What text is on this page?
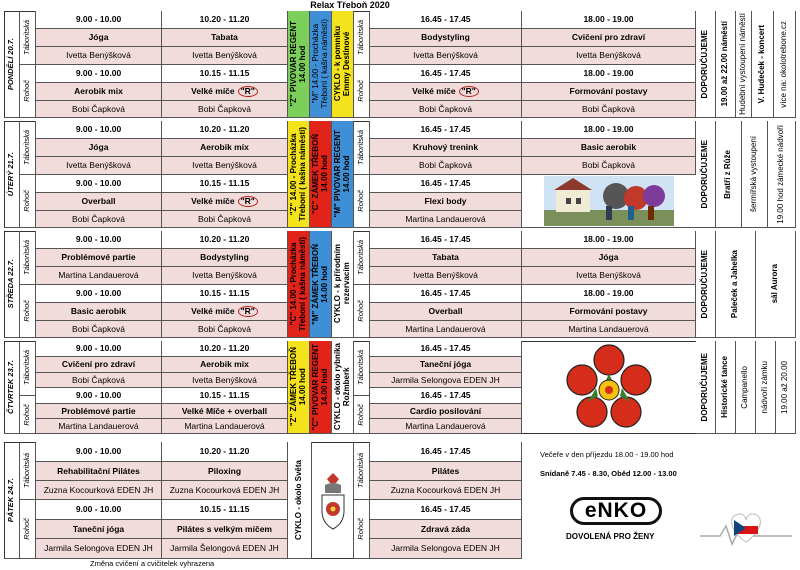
Relax Třeboň 2020
PONDĚLÍ 20.7.
Táboritská
Rohoč
9.00 - 10.00	10.20 - 11.20
Jóga	Tabata
Ivetta Benýšková	Ivetta Benýšková
9.00 - 10.00	10.15 - 11.15
Aerobik mix	Velké míče "R"
Bobi Čapková	Bobi Čapková
"Z" PIVOVAR REGENT 14.00 hod "M" 14.00 - Procházka Třeboní ( kašna náměstí) CYKLO - k pomníku Emmy Destinové Táboritská
Rohoč
16.45 - 17.45	18.00 - 19.00
Bodystyling	Cvičení pro zdraví
Ivetta Benýšková	Ivetta Benýšková
16.45 - 17.45	18.00 - 19.00
Velké míče "R"	Formování postavy
Bobi Čapková	Bobi Čapková
DOPORUČUJEME 19.00 až 22.00 náměstí Hudební vystoupení náměstí V. Hudeček - koncert více na: okolotrebone.cz
ÚTERÝ 21.7.
Táboritská
Rohoč
9.00 - 10.00	10.20 - 11.20
Jóga	Aerobik mix
Ivetta Benýšková	Ivetta Benýšková
9.00 - 10.00	10.15 - 11.15
Overball	Velké míče "R"
Bobi Čapková	Bobi Čapková
"Z" 14.00 - Procházka Třeboní ( kašna náměstí) "C" ZÁMEK TŘEBOŇ 14.00 hod "M" PIVOVAR REGENT 14.00 hod
Táboritská
Rohoč
16.45 - 17.45	18.00 - 19.00
Kruhový trenink	Basic aerobik
Bobi Čapková	Bobi Čapková
16.45 - 17.45
Flexi body
Martina Landauerová
DOPORUČUJEME Bratří z Růže šermířská vystoupení 19.00 hod zámecké nádvoří
STŘEDA 22.7.
Táboritská
Rohoč
9.00 - 10.00	10.20 - 11.20
Problémové partie	Bodystyling
Martina Landauerová	Ivetta Benýšková
9.00 - 10.00	10.15 - 11.15
Basic aerobik	Velké míče "R"
Bobi Čapková	Bobi Čapková
"C" 14.00 - Procházka Třeboní ( kašna náměstí) "M" ZÁMEK TŘEBOŇ 14.00 hod CYKLO - k přírodním rezervacím
Táboritská
Rohoč
16.45 - 17.45	18.00 - 19.00
Tabata	Jóga
Ivetta Benýšková	Ivetta Benýšková
16.45 - 17.45	18.00 - 19.00
Overball	Formování postavy
Martina Landauerová	Martina Landauerová
DOPORUČUJEME	Paleček a Jahelka	sál Aurora
ČTVRTEK 23.7. Táboritská
Rohoč
9.00 - 10.00	10.20 - 11.20
Cvičení pro zdraví	Aerobik mix
Bobi Čapková	Ivetta Benýšková
9.00 - 10.00	10.15 - 11.15
Problémové partie	Velké Míče + overball
Martina Landauerová	Martina Landauerová	"Z" ZÁMEK TŘEBOŇ 14.00 hod "C" PIVOVAR REGENT 14.00 hod CYKLO - okolo rybníka Rožmberk Táboritská
Rohoč
16.45 - 17.45
Taneční jóga
Jarmila Selongova EDEN JH
16.45 - 17.45
Cardio posilování
Martina Landauerová
DOPORUČUJEME Historické tance Campanello nádvoří zámku 19.00 až 20.00
PÁTEK 24.7.
Táboritská
Rohoč
9.00 - 10.00	10.20 - 11.20
Rehabilitační Pilátes	Piloxing
Zuzna Kocourková EDEN JH	Zuzna Kocourková EDEN JH
9.00 - 10.00	10.15 - 11.15
Taneční jóga	Pilátes s velkým míčem
Jarmila Selongova EDEN JH	Jarmila Šelongová EDEN JH
CYKLO - okolo Světa	Táboritská
Rohoč
16.45 - 17.45
Pilátes
Zuzna Kocourková EDEN JH
16.45 - 17.45
Zdravá záda
Jarmila Selongova EDEN JH
Večeře v den příjezdu 18.00 - 19.00 hod
Snídaně 7.45 - 8.30, Oběd 12.00 - 13.00
eNKO
DOVOLENÁ PRO ŽENY
Změna cvičení a cvičitelek vyhrazena
